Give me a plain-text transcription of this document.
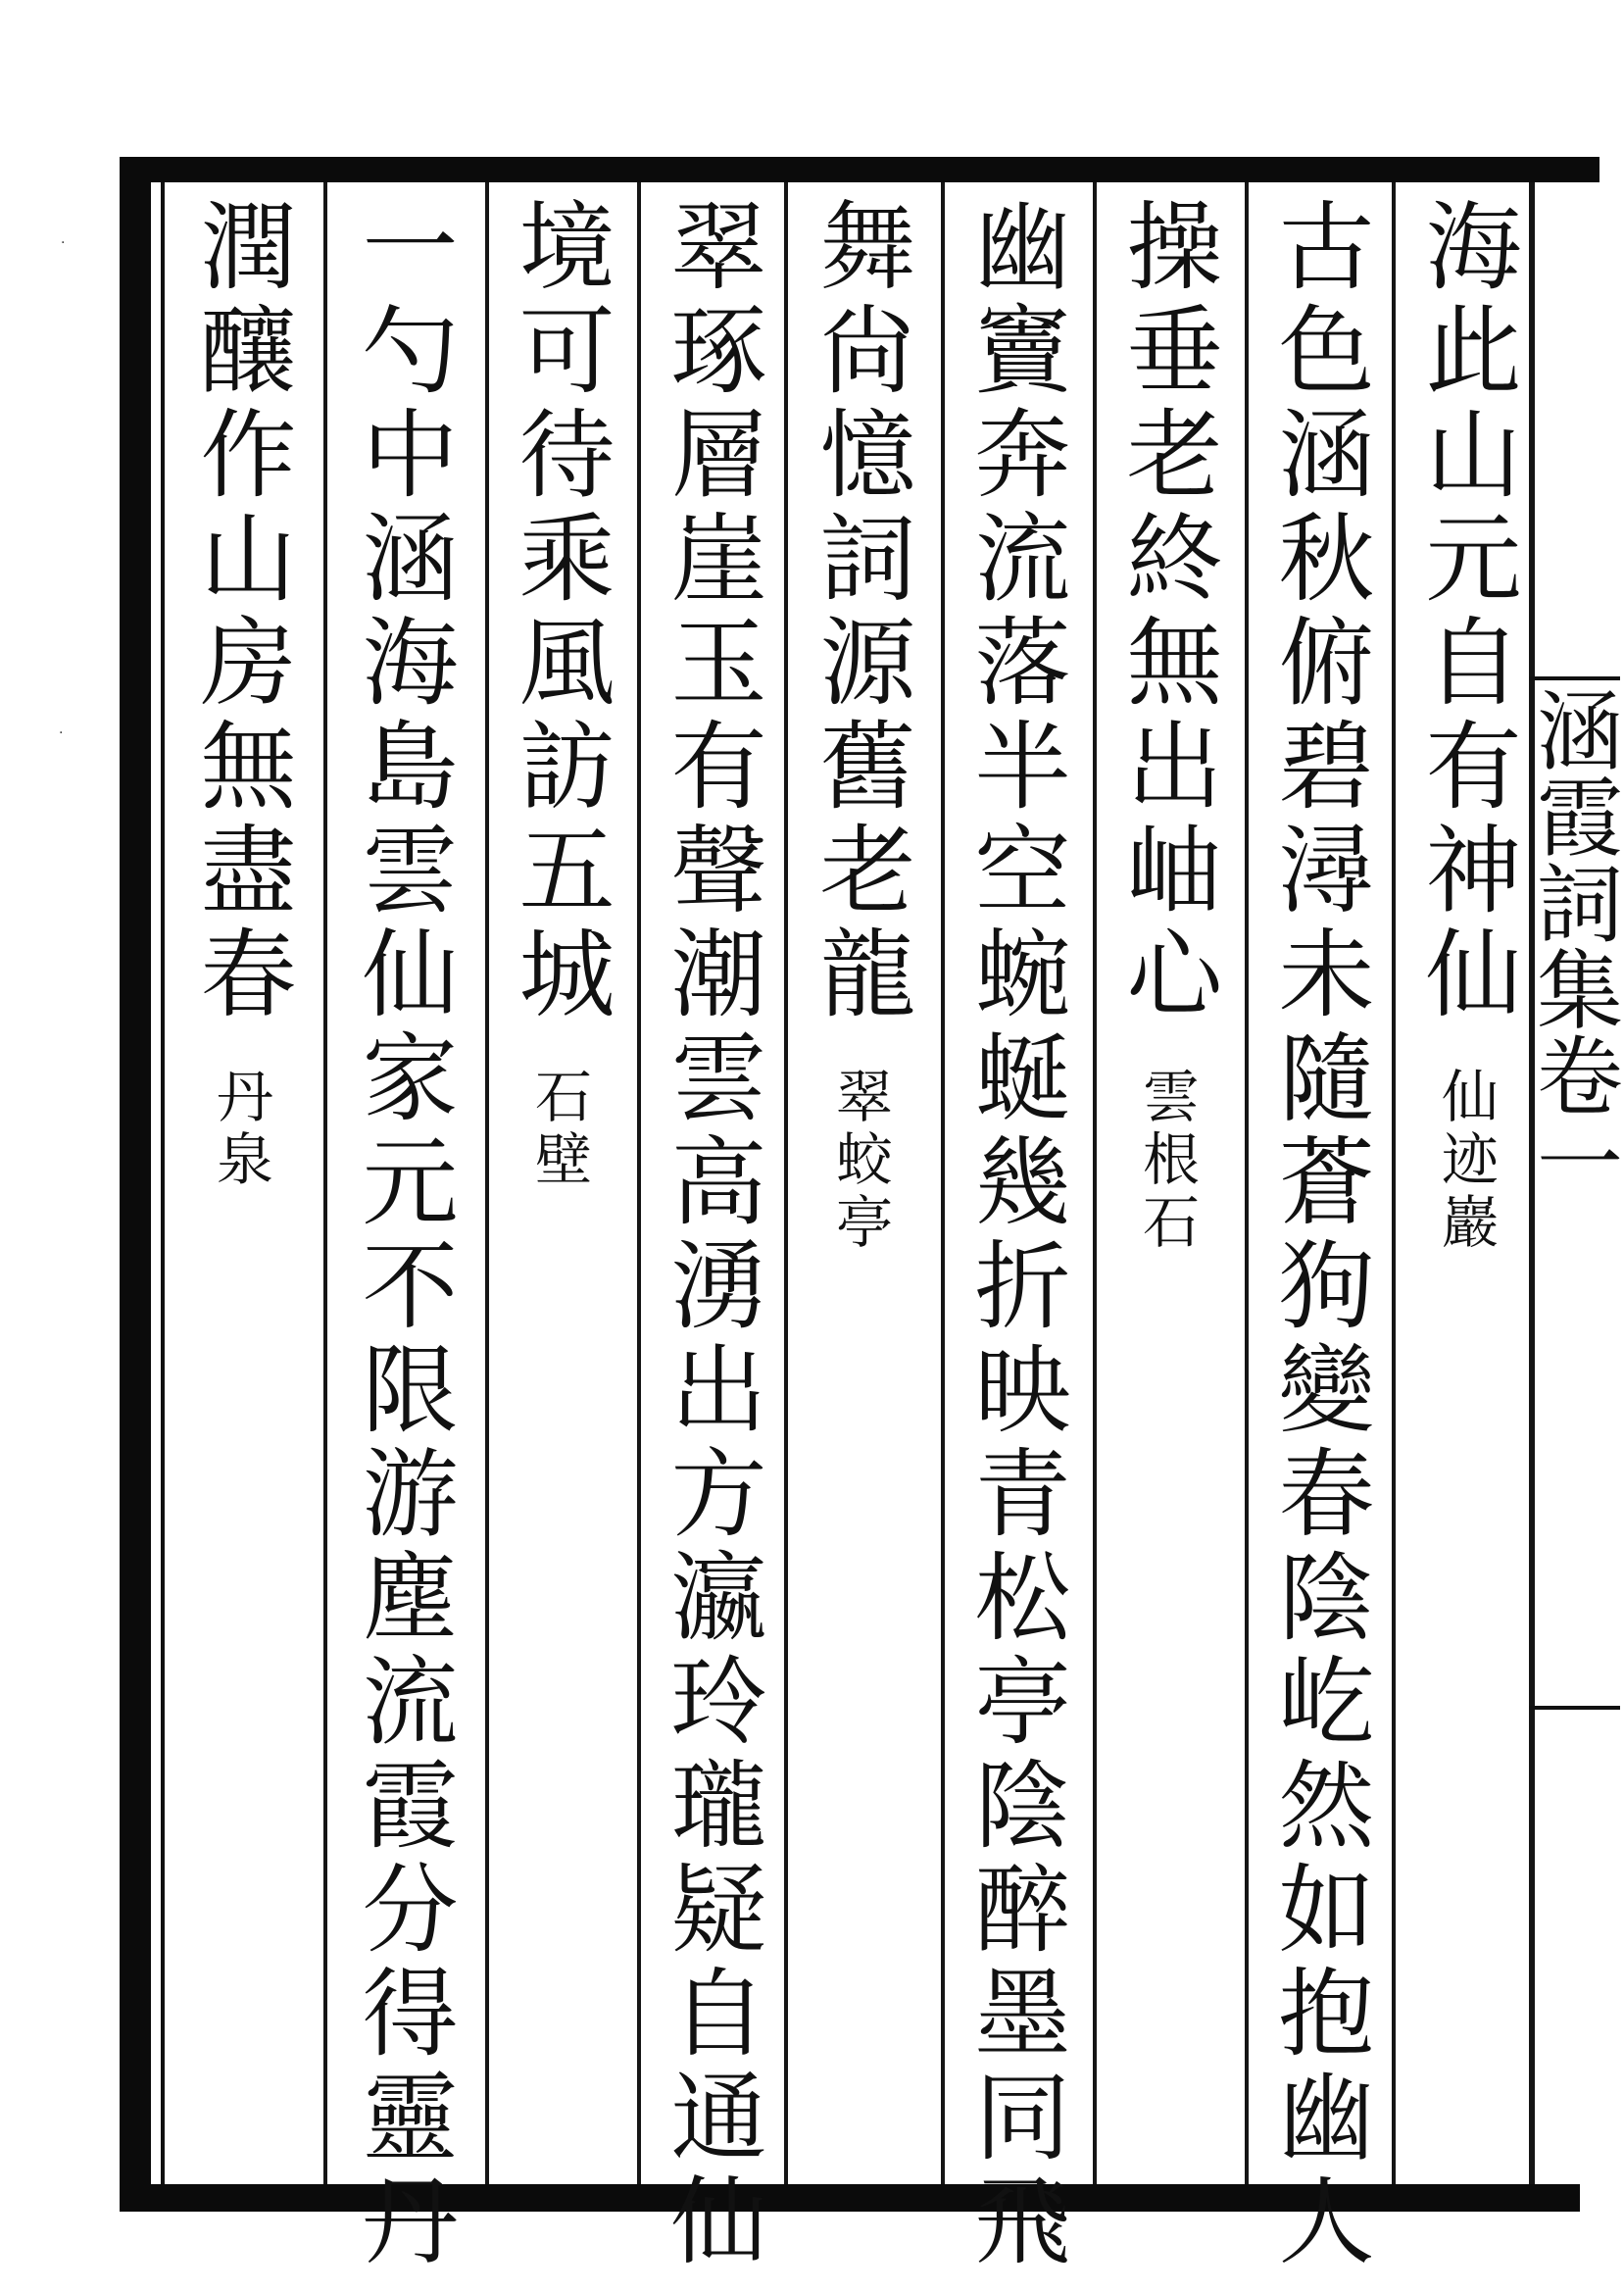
海此山元自有神仙仙迹巖
古色涵秋俯碧潯未隨蒼狗變春陰屹然如抱幽人
操垂老終無出岫心雲根石
幽竇奔流落半空蜿蜒幾折映青松亭陰醉墨同飛
舞尙憶詞源舊老龍翠蛟亭
翠琢層崖玉有聲潮雲高湧出方瀛玲瓏疑自通仙
境可待乘風訪五城石壁
一勺中涵海島雲仙家元不限游塵流霞分得靈丹
潤釀作山房無盡春丹泉	涵霞詞集卷一
·
·
